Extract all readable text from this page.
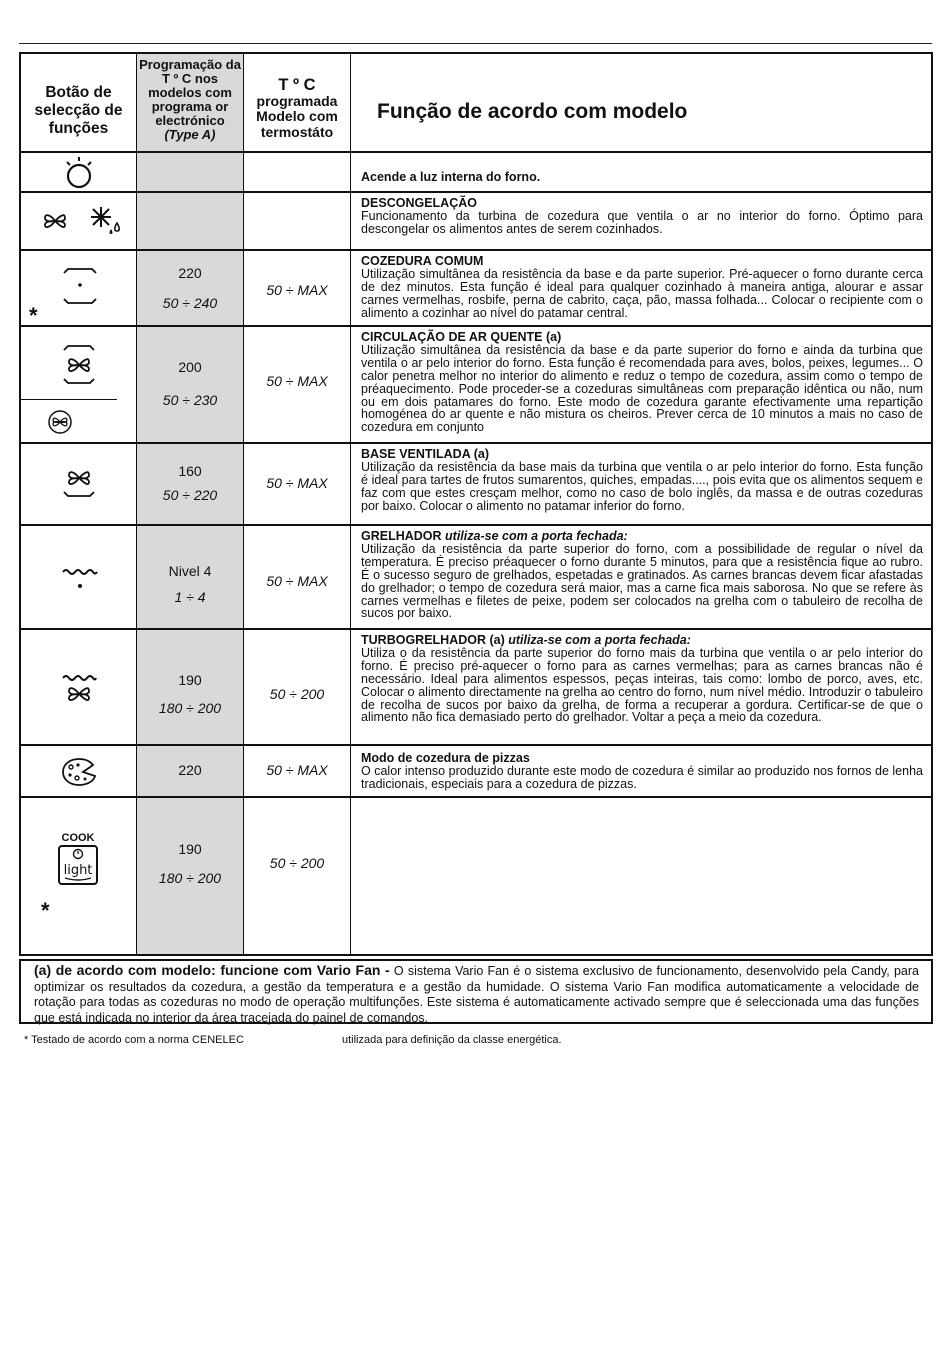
Botão de selecção de funções
Programação da T º C nos modelos com programa or electrónico
(Type A)
T º C
programada Modelo com termostáto
Função de acordo com modelo
Acende a luz interna do forno.
DESCONGELAÇÃO
Funcionamento da turbina de cozedura que ventila o ar no interior do forno. Óptimo para descongelar os alimentos antes de serem cozinhados.
*
220
50 ÷ 240
50 ÷ MAX
COZEDURA COMUM
Utilização simultânea da resistência da base e da parte superior. Pré-aquecer o forno durante cerca de dez minutos. Esta função é ideal para qualquer cozinhado à maneira antiga, alourar e assar carnes vermelhas, rosbife, perna de cabrito, caça, pão, massa folhada... Colocar o recipiente com o alimento a cozinhar ao nível do patamar central.
200
50 ÷ 230
50 ÷ MAX
CIRCULAÇÃO DE AR QUENTE (a)
Utilização simultânea da resistência da base e da parte superior do forno e ainda da turbina que ventila o ar pelo interior do forno. Esta função é recomendada para aves, bolos, peixes, legumes... O calor penetra melhor no interior do alimento e reduz o tempo de cozedura, assim como o tempo de préaquecimento. Pode proceder-se a cozeduras simultâneas com preparação idêntica ou não, num ou em dois patamares do forno. Este modo de cozedura garante efectivamente uma repartição homogénea do ar quente e não mistura os cheiros. Prever cerca de 10 minutos a mais no caso de cozedura em conjunto
160
50 ÷ 220
50 ÷ MAX
BASE VENTILADA (a)
Utilização da resistência da base mais da turbina que ventila o ar pelo interior do forno. Esta função é ideal para tartes de frutos sumarentos, quiches, empadas...., pois evita que os alimentos sequem e faz com que estes cresçam melhor, como no caso de bolo inglês, da massa e de outras cozeduras por baixo. Colocar o alimento no patamar inferior do forno.
Nivel 4
1 ÷ 4
50 ÷ MAX
GRELHADOR utiliza-se com a porta fechada:
Utilização da resistência da parte superior do forno, com a possibilidade de regular o nível da temperatura. É preciso préaquecer o forno durante 5 minutos, para que a resistência fique ao rubro. É o sucesso seguro de grelhados, espetadas e gratinados. As carnes brancas devem ficar afastadas do grelhador; o tempo de cozedura será maior, mas a carne fica mais saborosa. No que se refere às carnes vermelhas e filetes de peixe, podem ser colocados na grelha com o tabuleiro de recolha de sucos por baixo.
190
180 ÷ 200
50 ÷ 200
TURBOGRELHADOR (a) utiliza-se com a porta fechada:
Utiliza o da resistência da parte superior do forno mais da turbina que ventila o ar pelo interior do forno. É preciso pré-aquecer o forno para as carnes vermelhas; para as carnes brancas não é necessário. Ideal para alimentos espessos, peças inteiras, tais como: lombo de porco, aves, etc. Colocar o alimento directamente na grelha ao centro do forno, num nível médio. Introduzir o tabuleiro de recolha de sucos por baixo da grelha, de forma a recuperar a gordura. Certificar-se de que o alimento não fica demasiado perto do grelhador. Voltar a peça a meio da cozedura.
220	50 ÷ MAX
Modo de cozedura de pizzas
O calor intenso produzido durante este modo de cozedura é similar ao produzido nos fornos de lenha tradicionais, especiais para a cozedura de pizzas.
COOK
light
*
190
180 ÷ 200
50 ÷ 200
(a) de acordo com modelo: funcione com Vario Fan - O sistema Vario Fan é o sistema exclusivo de funcionamento, desenvolvido pela Candy, para optimizar os resultados da cozedura, a gestão da temperatura e a gestão da humidade. O sistema Vario Fan modifica automaticamente a velocidade de rotação para todas as cozeduras no modo de operação multifunções. Este sistema é automaticamente activado sempre que é seleccionada uma das funções que está indicada no interior da área tracejada do painel de comandos.
* Testado de acordo com a norma CENELEC	utilizada para definição da classe energética.
